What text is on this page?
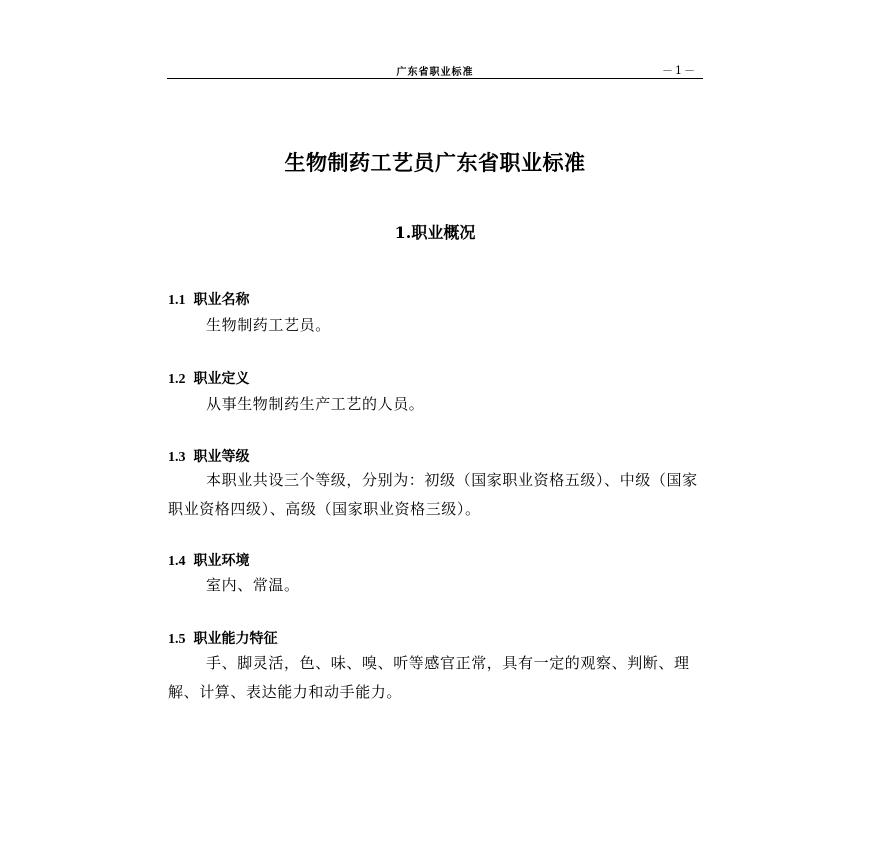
广东省职业标准	－1－
生物制药工艺员广东省职业标准
1.职业概况
1.1 职业名称
生物制药工艺员。
1.2 职业定义
从事生物制药生产工艺的人员。
1.3 职业等级
本职业共设三个等级，分别为：初级（国家职业资格五级）、中级（国家职业资格四级）、高级（国家职业资格三级）。
1.4 职业环境
室内、常温。
1.5 职业能力特征
手、脚灵活，色、味、嗅、听等感官正常，具有一定的观察、判断、理解、计算、表达能力和动手能力。
